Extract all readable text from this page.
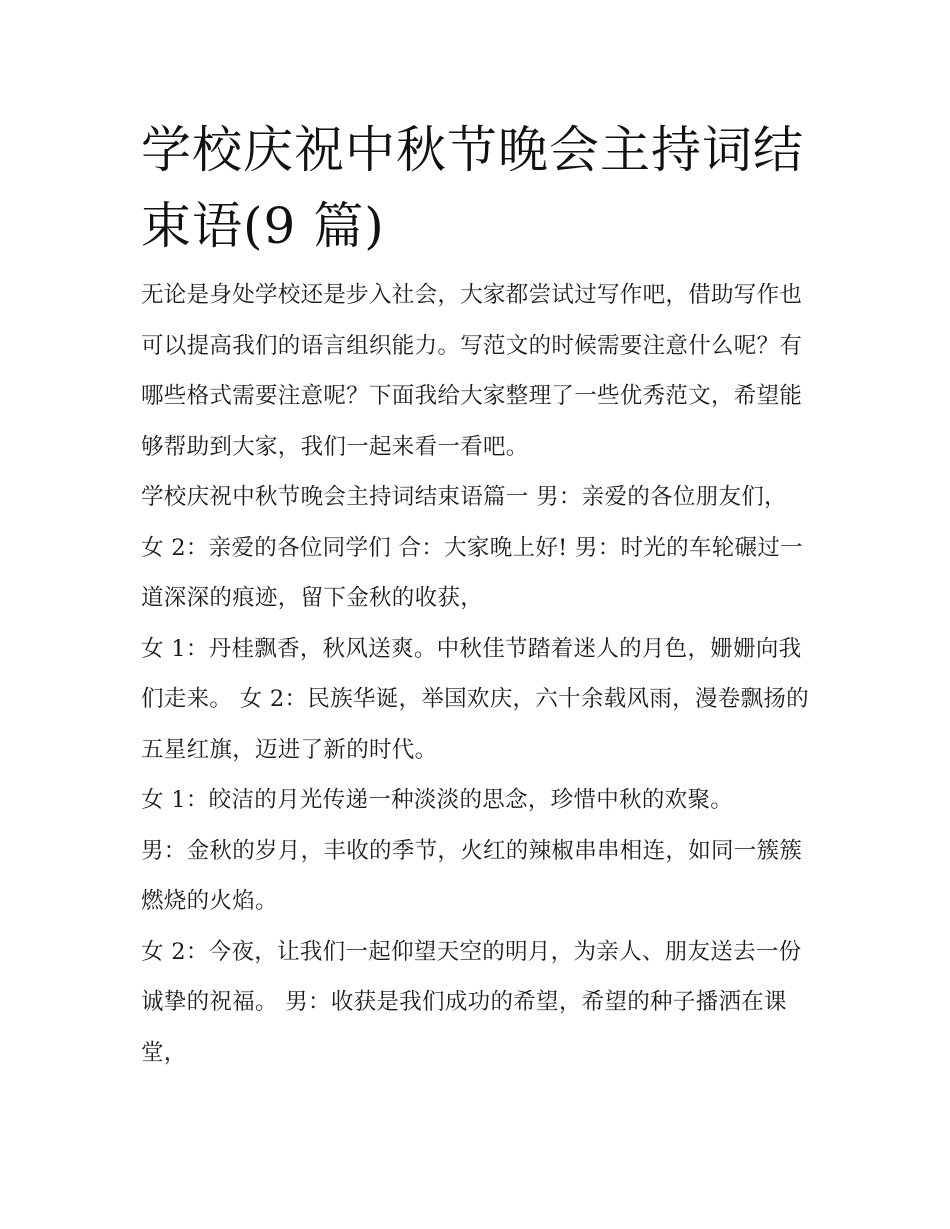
学校庆祝中秋节晚会主持词结束语(9 篇)

无论是身处学校还是步入社会，大家都尝试过写作吧，借助写作也可以提高我们的语言组织能力。写范文的时候需要注意什么呢？有哪些格式需要注意呢？下面我给大家整理了一些优秀范文，希望能够帮助到大家，我们一起来看一看吧。

学校庆祝中秋节晚会主持词结束语篇一 男：亲爱的各位朋友们， 女 2：亲爱的各位同学们 合：大家晚上好! 男：时光的车轮碾过一道深深的痕迹，留下金秋的收获，

女 1：丹桂飘香，秋风送爽。中秋佳节踏着迷人的月色，姗姗向我们走来。 女 2：民族华诞，举国欢庆，六十余载风雨，漫卷飘扬的五星红旗，迈进了新的时代。

女 1：皎洁的月光传递一种淡淡的思念，珍惜中秋的欢聚。

男：金秋的岁月，丰收的季节，火红的辣椒串串相连，如同一簇簇燃烧的火焰。

女 2：今夜，让我们一起仰望天空的明月，为亲人、朋友送去一份诚挚的祝福。 男：收获是我们成功的希望，希望的种子播洒在课堂，
